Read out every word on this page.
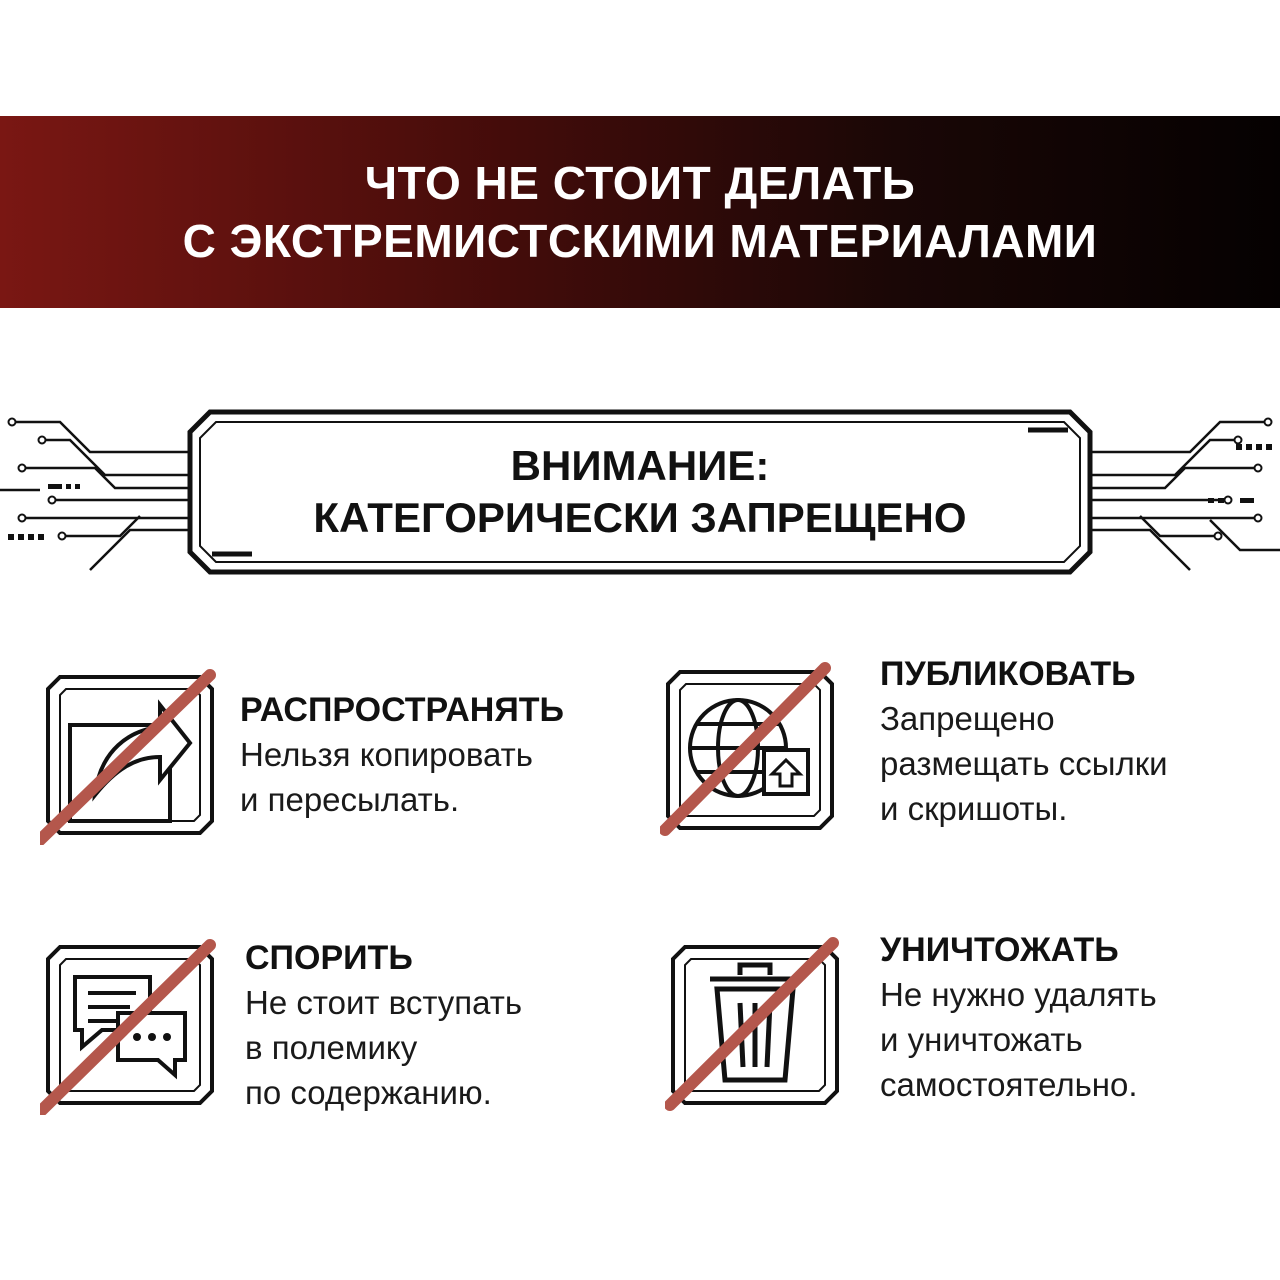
ЧТО НЕ СТОИТ ДЕЛАТЬ
С ЭКСТРЕМИСТСКИМИ МАТЕРИАЛАМИ
ВНИМАНИЕ:
КАТЕГОРИЧЕСКИ ЗАПРЕЩЕНО
РАСПРОСТРАНЯТЬ
Нельзя копировать
и пересылать.
ПУБЛИКОВАТЬ
Запрещено
размещать ссылки
и скришоты.
СПОРИТЬ
Не стоит вступать
в полемику
по содержанию.
УНИЧТОЖАТЬ
Не нужно удалять
и уничтожать
самостоятельно.
